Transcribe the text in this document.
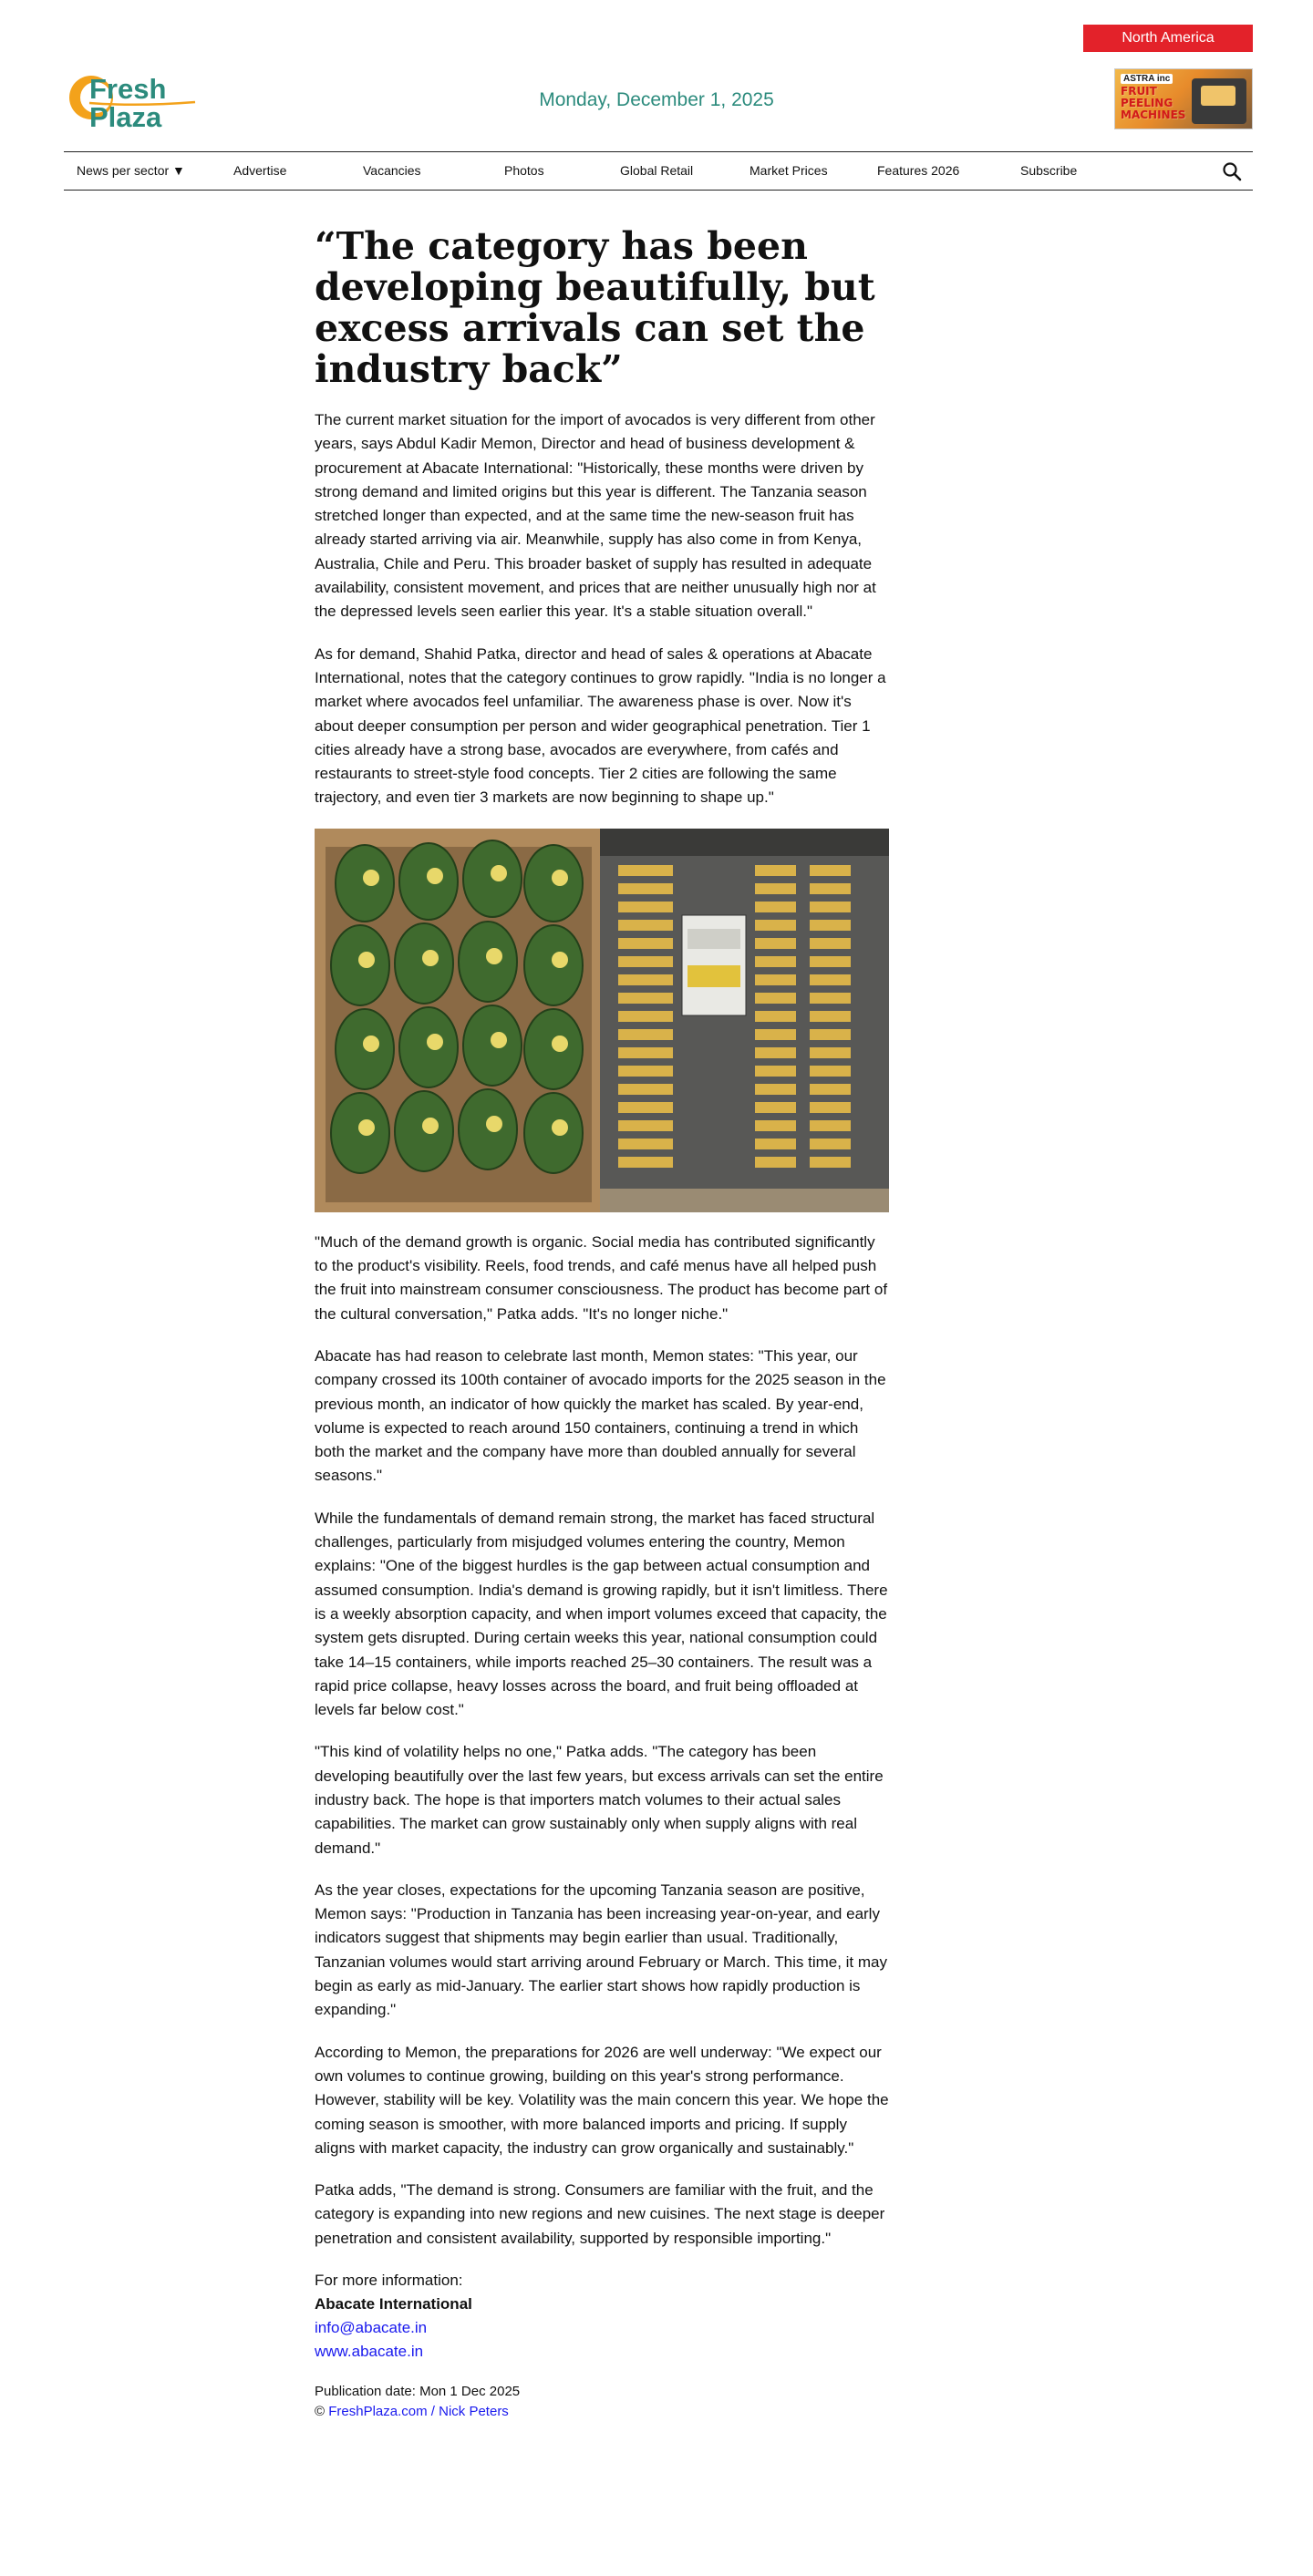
North America
Fresh
Plaza
Monday, December 1, 2025
ASTRA inc
FRUIT PEELING MACHINES
News per sector ▼	Advertise	Vacancies	Photos	Global Retail	Market Prices	Features 2026	Subscribe
“The category has been developing beautifully, but excess arrivals can set the industry back”

The current market situation for the import of avocados is very different from other years, says Abdul Kadir Memon, Director and head of business development & procurement at Abacate International: "Historically, these months were driven by strong demand and limited origins but this year is different. The Tanzania season stretched longer than expected, and at the same time the new-season fruit has already started arriving via air. Meanwhile, supply has also come in from Kenya, Australia, Chile and Peru. This broader basket of supply has resulted in adequate availability, consistent movement, and prices that are neither unusually high nor at the depressed levels seen earlier this year. It's a stable situation overall."

As for demand, Shahid Patka, director and head of sales & operations at Abacate International, notes that the category continues to grow rapidly. "India is no longer a market where avocados feel unfamiliar. The awareness phase is over. Now it's about deeper consumption per person and wider geographical penetration. Tier 1 cities already have a strong base, avocados are everywhere, from cafés and restaurants to street-style food concepts. Tier 2 cities are following the same trajectory, and even tier 3 markets are now beginning to shape up."

"Much of the demand growth is organic. Social media has contributed significantly to the product's visibility. Reels, food trends, and café menus have all helped push the fruit into mainstream consumer consciousness. The product has become part of the cultural conversation," Patka adds. "It's no longer niche."

Abacate has had reason to celebrate last month, Memon states: "This year, our company crossed its 100th container of avocado imports for the 2025 season in the previous month, an indicator of how quickly the market has scaled. By year-end, volume is expected to reach around 150 containers, continuing a trend in which both the market and the company have more than doubled annually for several seasons."

While the fundamentals of demand remain strong, the market has faced structural challenges, particularly from misjudged volumes entering the country, Memon explains: "One of the biggest hurdles is the gap between actual consumption and assumed consumption. India's demand is growing rapidly, but it isn't limitless. There is a weekly absorption capacity, and when import volumes exceed that capacity, the system gets disrupted. During certain weeks this year, national consumption could take 14–15 containers, while imports reached 25–30 containers. The result was a rapid price collapse, heavy losses across the board, and fruit being offloaded at levels far below cost."

"This kind of volatility helps no one," Patka adds. "The category has been developing beautifully over the last few years, but excess arrivals can set the entire industry back. The hope is that importers match volumes to their actual sales capabilities. The market can grow sustainably only when supply aligns with real demand."

As the year closes, expectations for the upcoming Tanzania season are positive, Memon says: "Production in Tanzania has been increasing year-on-year, and early indicators suggest that shipments may begin earlier than usual. Traditionally, Tanzanian volumes would start arriving around February or March. This time, it may begin as early as mid-January. The earlier start shows how rapidly production is expanding."

According to Memon, the preparations for 2026 are well underway: "We expect our own volumes to continue growing, building on this year's strong performance. However, stability will be key. Volatility was the main concern this year. We hope the coming season is smoother, with more balanced imports and pricing. If supply aligns with market capacity, the industry can grow organically and sustainably."

Patka adds, "The demand is strong. Consumers are familiar with the fruit, and the category is expanding into new regions and new cuisines. The next stage is deeper penetration and consistent availability, supported by responsible importing."

For more information:
Abacate International
info@abacate.in
www.abacate.in
Publication date: Mon 1 Dec 2025
© FreshPlaza.com / Nick Peters
